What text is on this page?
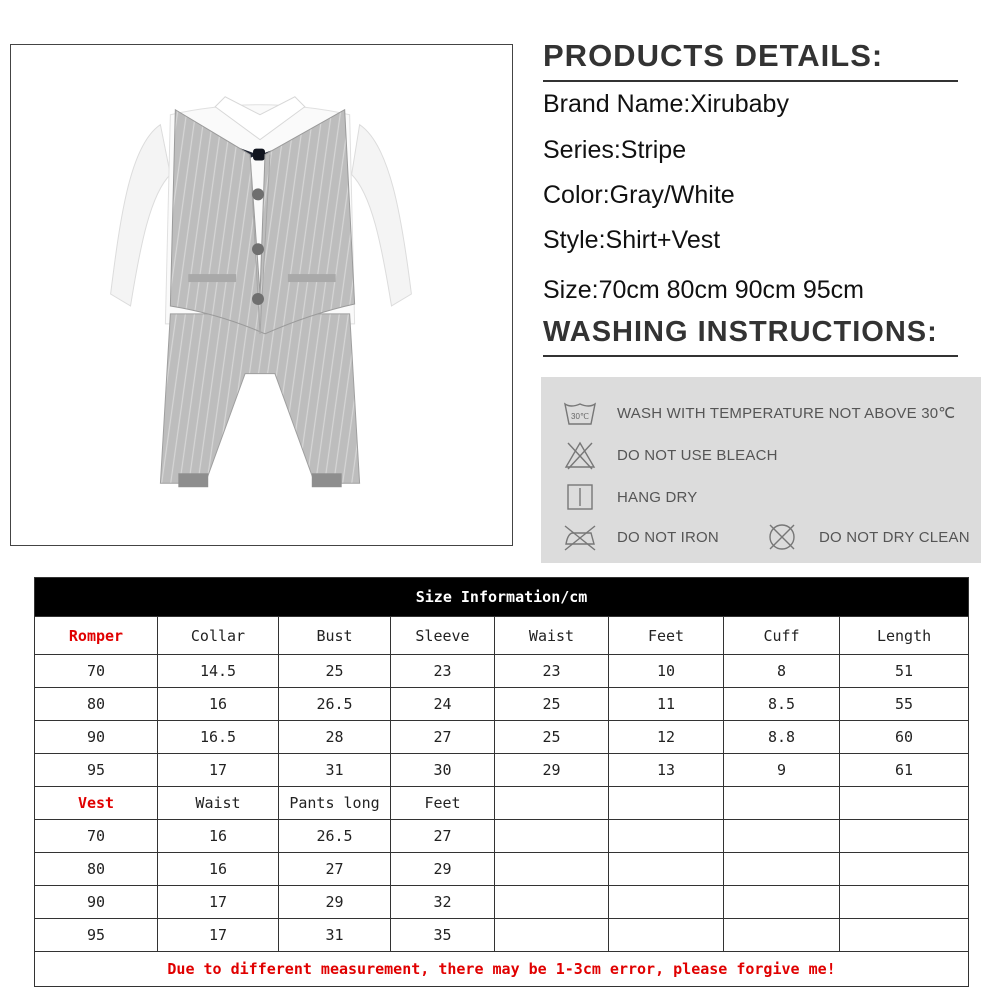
PRODUCTS DETAILS:
Brand Name:Xirubaby
Series:Stripe
Color:Gray/White
Style:Shirt+Vest
Size:70cm 80cm 90cm 95cm
WASHING INSTRUCTIONS:
30℃ WASH WITH TEMPERATURE NOT ABOVE 30℃
DO NOT USE BLEACH
HANG DRY
DO NOT IRON	DO NOT DRY CLEAN
Size Information/cm							
Romper	Collar	Bust	Sleeve	Waist	Feet	Cuff	Length
70	14.5	25	23	23	10	8	51
80	16	26.5	24	25	11	8.5	55
90	16.5	28	27	25	12	8.8	60
95	17	31	30	29	13	9	61
Vest	Waist	Pants long	Feet				
70	16	26.5	27				
80	16	27	29				
90	17	29	32				
95	17	31	35				
Due to different measurement, there may be 1-3cm error, please forgive me!							
